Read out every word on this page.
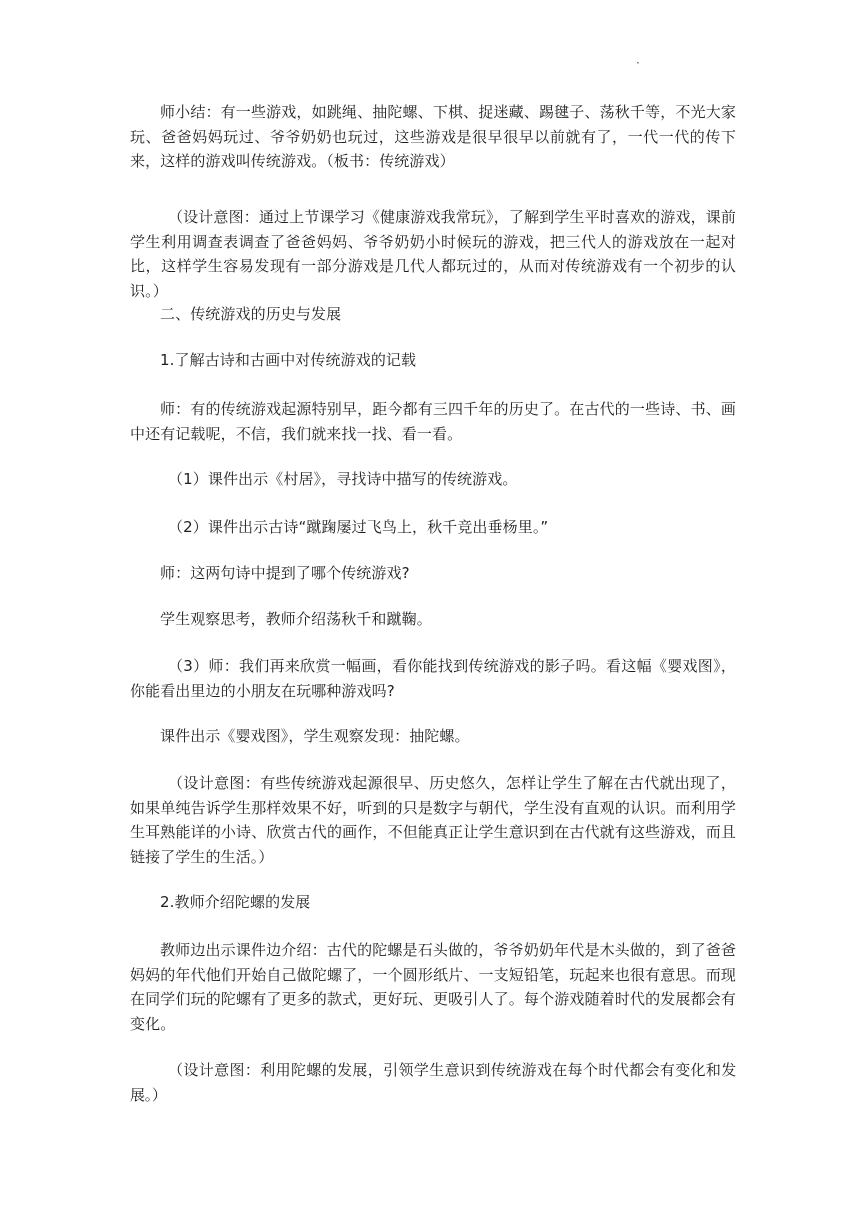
·

师小结：有一些游戏，如跳绳、抽陀螺、下棋、捉迷藏、踢毽子、荡秋千等，不光大家玩、爸爸妈妈玩过、爷爷奶奶也玩过，这些游戏是很早很早以前就有了，一代一代的传下来，这样的游戏叫传统游戏。（板书：传统游戏）

（设计意图：通过上节课学习《健康游戏我常玩》，了解到学生平时喜欢的游戏，课前学生利用调查表调查了爸爸妈妈、爷爷奶奶小时候玩的游戏，把三代人的游戏放在一起对比，这样学生容易发现有一部分游戏是几代人都玩过的，从而对传统游戏有一个初步的认识。）

二、传统游戏的历史与发展

1.了解古诗和古画中对传统游戏的记载

师：有的传统游戏起源特别早，距今都有三四千年的历史了。在古代的一些诗、书、画中还有记载呢，不信，我们就来找一找、看一看。

（1）课件出示《村居》，寻找诗中描写的传统游戏。

（2）课件出示古诗“蹴踘屡过飞鸟上，秋千竞出垂杨里。”

师：这两句诗中提到了哪个传统游戏?

学生观察思考，教师介绍荡秋千和蹴鞠。

（3）师：我们再来欣赏一幅画，看你能找到传统游戏的影子吗。看这幅《婴戏图》，你能看出里边的小朋友在玩哪种游戏吗?

课件出示《婴戏图》，学生观察发现：抽陀螺。

（设计意图：有些传统游戏起源很早、历史悠久，怎样让学生了解在古代就出现了，如果单纯告诉学生那样效果不好，听到的只是数字与朝代，学生没有直观的认识。而利用学生耳熟能详的小诗、欣赏古代的画作，不但能真正让学生意识到在古代就有这些游戏，而且链接了学生的生活。）

2.教师介绍陀螺的发展

教师边出示课件边介绍：古代的陀螺是石头做的，爷爷奶奶年代是木头做的，到了爸爸妈妈的年代他们开始自己做陀螺了，一个圆形纸片、一支短铅笔，玩起来也很有意思。而现在同学们玩的陀螺有了更多的款式，更好玩、更吸引人了。每个游戏随着时代的发展都会有变化。

（设计意图：利用陀螺的发展，引领学生意识到传统游戏在每个时代都会有变化和发展。）
